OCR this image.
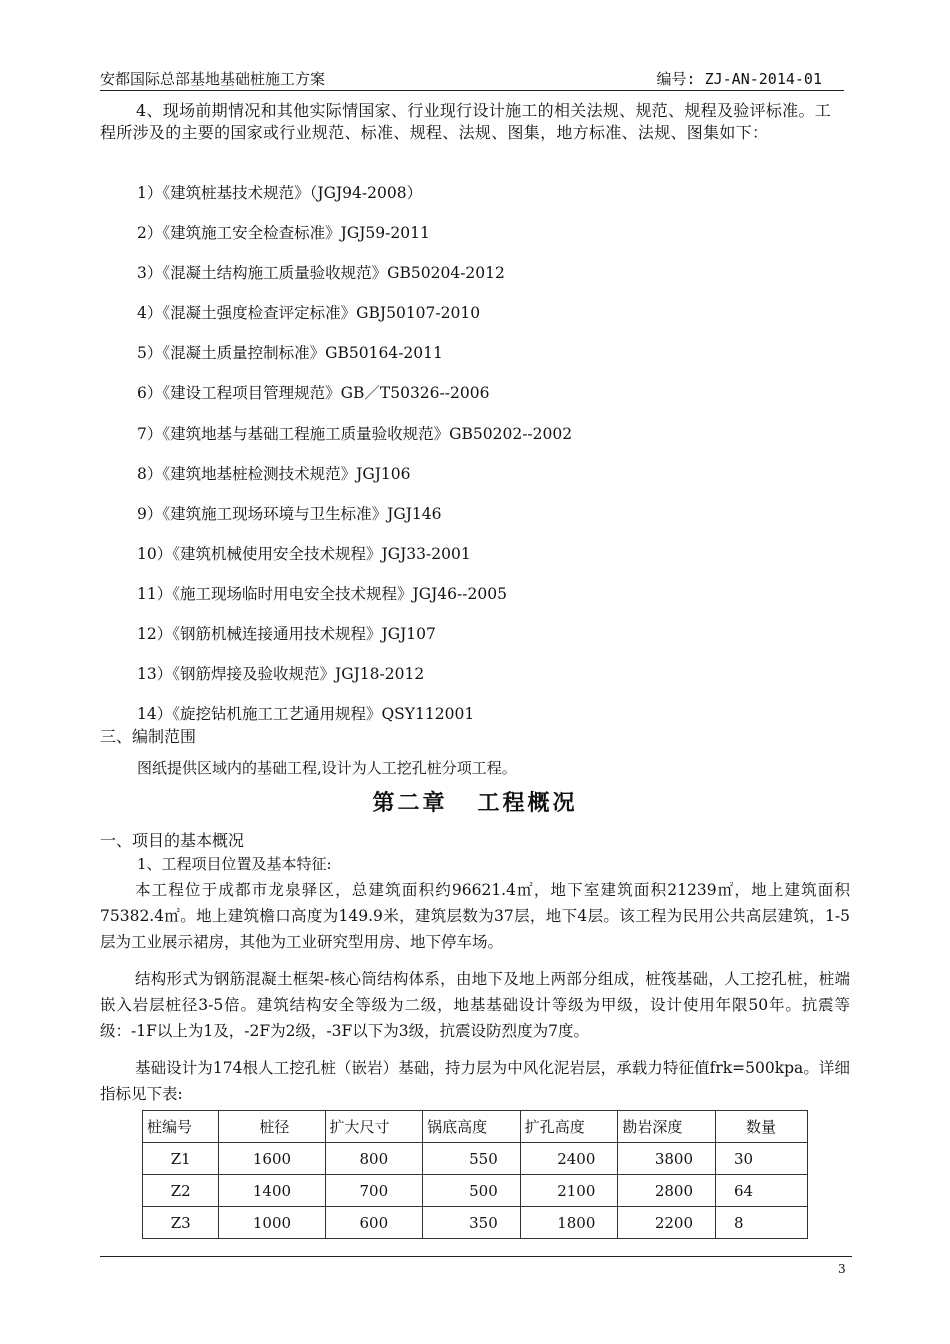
安都国际总部基地基础桩施工方案	编号: ZJ-AN-2014-01
4、现场前期情况和其他实际情国家、行业现行设计施工的相关法规、规范、规程及验评标准。工程所涉及的主要的国家或行业规范、标准、规程、法规、图集，地方标准、法规、图集如下：
1）《建筑桩基技术规范》（JGJ94-2008）
2）《建筑施工安全检查标准》JGJ59-2011
3）《混凝土结构施工质量验收规范》GB50204-2012
4）《混凝土强度检查评定标准》GBJ50107-2010
5）《混凝土质量控制标准》GB50164-2011
6）《建设工程项目管理规范》GB／T50326--2006
7）《建筑地基与基础工程施工质量验收规范》GB50202--2002
8）《建筑地基桩检测技术规范》JGJ106
9）《建筑施工现场环境与卫生标准》JGJ146
10）《建筑机械使用安全技术规程》JGJ33-2001
11）《施工现场临时用电安全技术规程》JGJ46--2005
12）《钢筋机械连接通用技术规程》JGJ107
13）《钢筋焊接及验收规范》JGJ18-2012
14）《旋挖钻机施工工艺通用规程》QSY112001
三、编制范围
图纸提供区域内的基础工程,设计为人工挖孔桩分项工程。
第二章 工程概况
一、项目的基本概况
1、工程项目位置及基本特征:
本工程位于成都市龙泉驿区，总建筑面积约96621.4㎡，地下室建筑面积21239㎡，地上建筑面积75382.4㎡。地上建筑檐口高度为149.9米，建筑层数为37层，地下4层。该工程为民用公共高层建筑，1-5层为工业展示裙房，其他为工业研究型用房、地下停车场。
结构形式为钢筋混凝土框架-核心筒结构体系，由地下及地上两部分组成，桩筏基础，人工挖孔桩，桩端嵌入岩层桩径3-5倍。建筑结构安全等级为二级，地基基础设计等级为甲级，设计使用年限50年。抗震等级：-1F以上为1及，-2F为2级，-3F以下为3级，抗震设防烈度为7度。
基础设计为174根人工挖孔桩（嵌岩）基础，持力层为中风化泥岩层，承载力特征值frk=500kpa。详细指标见下表:
桩编号	桩径	扩大尺寸	锅底高度	扩孔高度	勘岩深度	数量
Z1	1600	800	550	2400	3800	30
Z2	1400	700	500	2100	2800	64
Z3	1000	600	350	1800	2200	8
3
